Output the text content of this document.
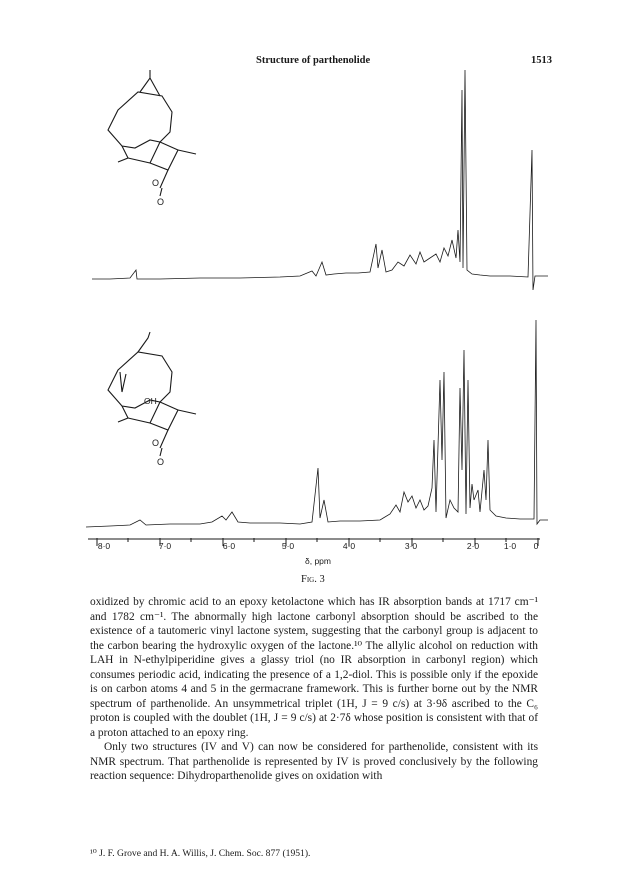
Structure of parthenolide	1513
O
O
OH
O
O
8·0	7·0	6·0	5·0	4·0	3·0	2·0	1·0 0
δ, ppm
Fig. 3

oxidized by chromic acid to an epoxy ketolactone which has IR absorption bands at 1717 cm⁻¹ and 1782 cm⁻¹. The abnormally high lactone carbonyl absorption should be ascribed to the existence of a tautomeric vinyl lactone system, suggesting that the carbonyl group is adjacent to the carbon bearing the hydroxylic oxygen of the lactone.¹⁰ The allylic alcohol on reduction with LAH in N-ethylpiperidine gives a glassy triol (no IR absorption in carbonyl region) which consumes periodic acid, indicating the presence of a 1,2-diol. This is possible only if the epoxide is on carbon atoms 4 and 5 in the germacrane framework. This is further borne out by the NMR spectrum of parthenolide. An unsymmetrical triplet (1H, J = 9 c/s) at 3·9δ ascribed to the C₆ proton is coupled with the doublet (1H, J = 9 c/s) at 2·7δ whose position is consistent with that of a proton attached to an epoxy ring.

Only two structures (IV and V) can now be considered for parthenolide, consistent with its NMR spectrum. That parthenolide is represented by IV is proved conclusively by the following reaction sequence: Dihydroparthenolide gives on oxidation with

¹⁰ J. F. Grove and H. A. Willis, J. Chem. Soc. 877 (1951).
